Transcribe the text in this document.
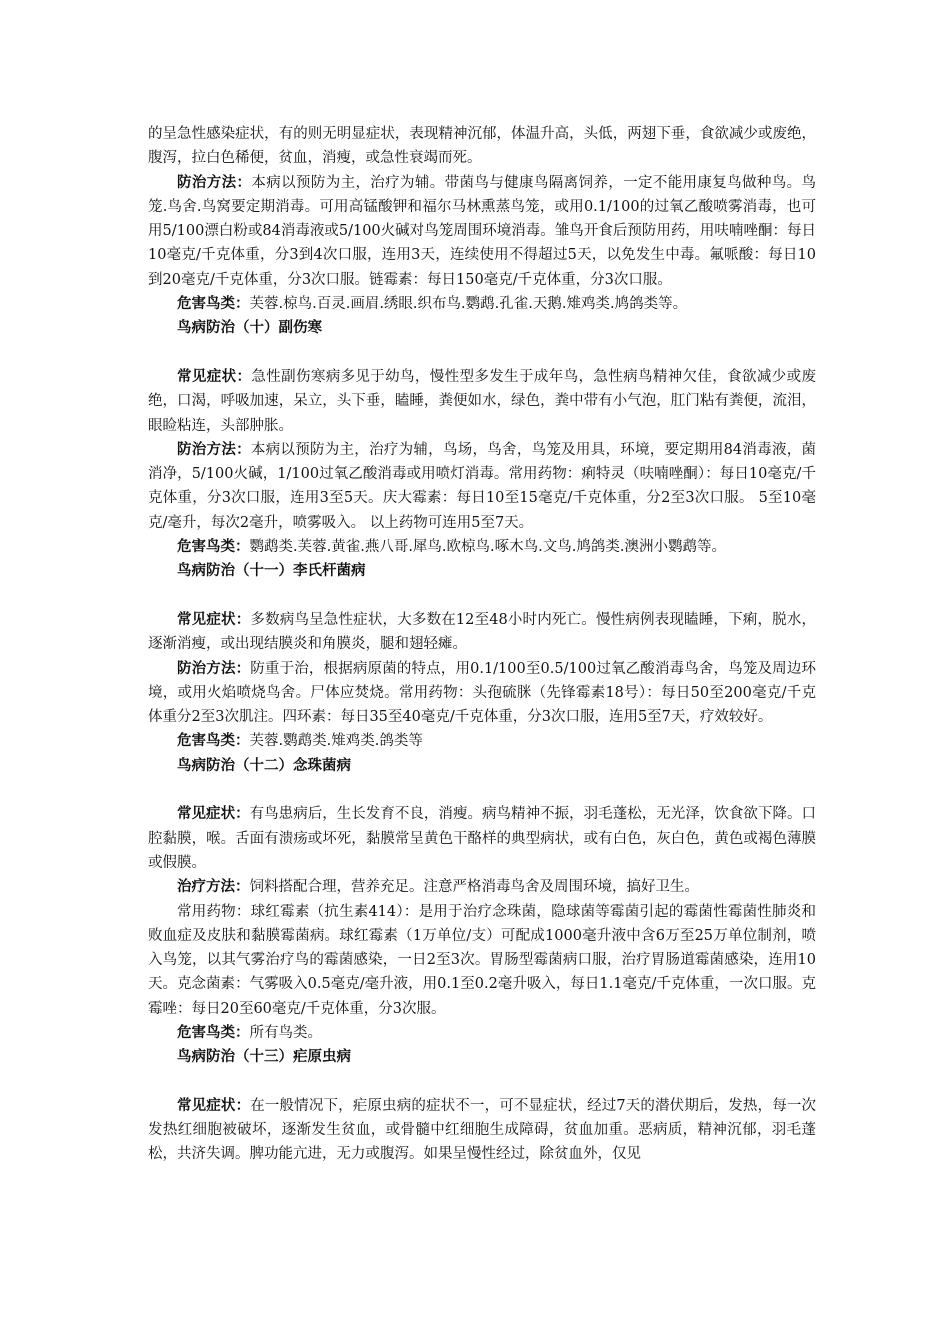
的呈急性感染症状，有的则无明显症状，表现精神沉郁，体温升高，头低，两翅下垂，食欲减少或废绝，腹泻，拉白色稀便，贫血，消瘦，或急性衰竭而死。

防治方法：本病以预防为主，治疗为辅。带菌鸟与健康鸟隔离饲养，一定不能用康复鸟做种鸟。鸟笼.鸟舍.鸟窝要定期消毒。可用高锰酸钾和福尔马林熏蒸鸟笼，或用0.1/100的过氧乙酸喷雾消毒，也可用5/100漂白粉或84消毒液或5/100火碱对鸟笼周围环境消毒。雏鸟开食后预防用药，用呋喃唑酮：每日10毫克/千克体重，分3到4次口服，连用3天，连续使用不得超过5天，以免发生中毒。氟哌酸：每日10到20毫克/千克体重，分3次口服。链霉素：每日150毫克/千克体重，分3次口服。

危害鸟类：芙蓉.椋鸟.百灵.画眉.绣眼.织布鸟.鹦鹉.孔雀.天鹅.雉鸡类.鸠鸽类等。

鸟病防治（十）副伤寒

常见症状：急性副伤寒病多见于幼鸟，慢性型多发生于成年鸟，急性病鸟精神欠佳，食欲减少或废绝，口渴，呼吸加速，呆立，头下垂，瞌睡，粪便如水，绿色，粪中带有小气泡，肛门粘有粪便，流泪，眼睑粘连，头部肿胀。

防治方法：本病以预防为主，治疗为辅，鸟场，鸟舍，鸟笼及用具，环境，要定期用84消毒液，菌消净，5/100火碱，1/100过氧乙酸消毒或用喷灯消毒。常用药物：痢特灵（呋喃唑酮）：每日10毫克/千克体重，分3次口服，连用3至5天。庆大霉素：每日10至15毫克/千克体重，分2至3次口服。 5至10毫克/毫升，每次2毫升，喷雾吸入。 以上药物可连用5至7天。

危害鸟类：鹦鹉类.芙蓉.黄雀.燕八哥.犀鸟.欧椋鸟.啄木鸟.文鸟.鸠鸽类.澳洲小鹦鹉等。

鸟病防治（十一）李氏杆菌病

常见症状：多数病鸟呈急性症状，大多数在12至48小时内死亡。慢性病例表现瞌睡，下痢，脱水，逐渐消瘦，或出现结膜炎和角膜炎，腿和翅轻瘫。

防治方法：防重于治，根据病原菌的特点，用0.1/100至0.5/100过氧乙酸消毒鸟舍，鸟笼及周边环境，或用火焰喷烧鸟舍。尸体应焚烧。常用药物：头孢硫脒（先锋霉素18号）：每日50至200毫克/千克体重分2至3次肌注。四环素：每日35至40毫克/千克体重，分3次口服，连用5至7天，疗效较好。

危害鸟类：芙蓉.鹦鹉类.雉鸡类.鸽类等

鸟病防治（十二）念珠菌病

常见症状：有鸟患病后，生长发育不良，消瘦。病鸟精神不振，羽毛蓬松，无光泽，饮食欲下降。口腔黏膜，喉。舌面有溃疡或坏死，黏膜常呈黄色干酪样的典型病状，或有白色，灰白色，黄色或褐色薄膜或假膜。

治疗方法：饲料搭配合理，营养充足。注意严格消毒鸟舍及周围环境，搞好卫生。

常用药物：球红霉素（抗生素414）：是用于治疗念珠菌，隐球菌等霉菌引起的霉菌性霉菌性肺炎和败血症及皮肤和黏膜霉菌病。球红霉素（1万单位/支）可配成1000毫升液中含6万至25万单位制剂，喷入鸟笼，以其气雾治疗鸟的霉菌感染，一日2至3次。胃肠型霉菌病口服，治疗胃肠道霉菌感染，连用10天。克念菌素：气雾吸入0.5毫克/毫升液，用0.1至0.2毫升吸入，每日1.1毫克/千克体重，一次口服。克霉唑：每日20至60毫克/千克体重，分3次服。

危害鸟类：所有鸟类。

鸟病防治（十三）疟原虫病

常见症状：在一般情况下，疟原虫病的症状不一，可不显症状，经过7天的潜伏期后，发热，每一次发热红细胞被破坏，逐渐发生贫血，或骨髓中红细胞生成障碍，贫血加重。恶病质，精神沉郁，羽毛蓬松，共济失调。脾功能亢进，无力或腹泻。如果呈慢性经过，除贫血外，仅见
